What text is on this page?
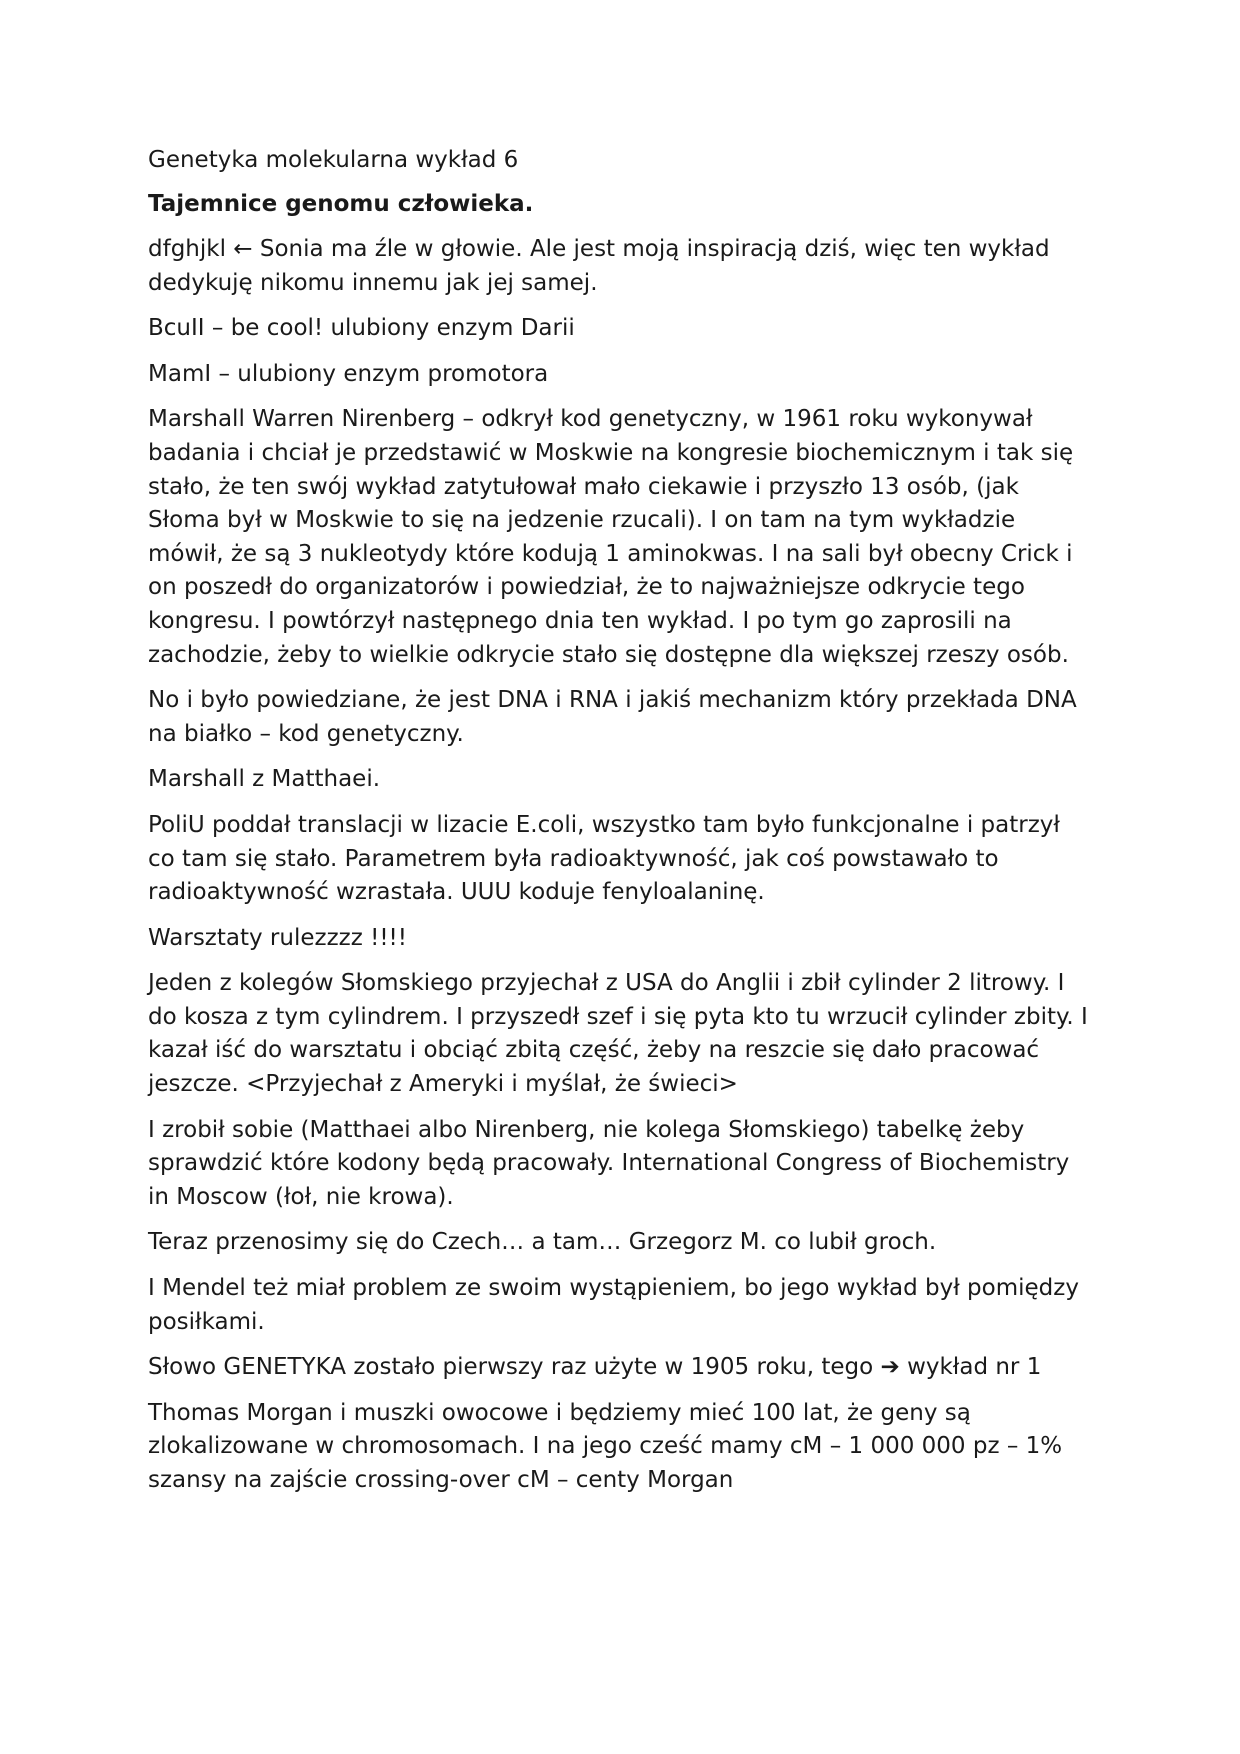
Genetyka molekularna wykład 6
Tajemnice genomu człowieka.

dfghjkl ← Sonia ma źle w głowie. Ale jest moją inspiracją dziś, więc ten wykład dedykuję nikomu innemu jak jej samej.

BcuII – be cool! ulubiony enzym Darii

MamI – ulubiony enzym promotora

Marshall Warren Nirenberg – odkrył kod genetyczny, w 1961 roku wykonywał badania i chciał je przedstawić w Moskwie na kongresie biochemicznym i tak się stało, że ten swój wykład zatytułował mało ciekawie i przyszło 13 osób, (jak Słoma był w Moskwie to się na jedzenie rzucali). I on tam na tym wykładzie mówił, że są 3 nukleotydy które kodują 1 aminokwas. I na sali był obecny Crick i on poszedł do organizatorów i powiedział, że to najważniejsze odkrycie tego kongresu. I powtórzył następnego dnia ten wykład. I po tym go zaprosili na zachodzie, żeby to wielkie odkrycie stało się dostępne dla większej rzeszy osób.

No i było powiedziane, że jest DNA i RNA i jakiś mechanizm który przekłada DNA na białko – kod genetyczny.

Marshall z Matthaei.

PoliU poddał translacji w lizacie E.coli, wszystko tam było funkcjonalne i patrzył co tam się stało. Parametrem była radioaktywność, jak coś powstawało to radioaktywność wzrastała. UUU koduje fenyloalaninę.

Warsztaty rulezzzz !!!!

Jeden z kolegów Słomskiego przyjechał z USA do Anglii i zbił cylinder 2 litrowy. I do kosza z tym cylindrem. I przyszedł szef i się pyta kto tu wrzucił cylinder zbity. I kazał iść do warsztatu i obciąć zbitą część, żeby na reszcie się dało pracować jeszcze. <Przyjechał z Ameryki i myślał, że świeci>

I zrobił sobie (Matthaei albo Nirenberg, nie kolega Słomskiego) tabelkę żeby sprawdzić które kodony będą pracowały. International Congress of Biochemistry in Moscow (łoł, nie krowa).

Teraz przenosimy się do Czech… a tam… Grzegorz M. co lubił groch.

I Mendel też miał problem ze swoim wystąpieniem, bo jego wykład był pomiędzy posiłkami.

Słowo GENETYKA zostało pierwszy raz użyte w 1905 roku, tego ➔ wykład nr 1

Thomas Morgan i muszki owocowe i będziemy mieć 100 lat, że geny są zlokalizowane w chromosomach. I na jego cześć mamy cM – 1 000 000 pz – 1% szansy na zajście crossing-over cM – centy Morgan
